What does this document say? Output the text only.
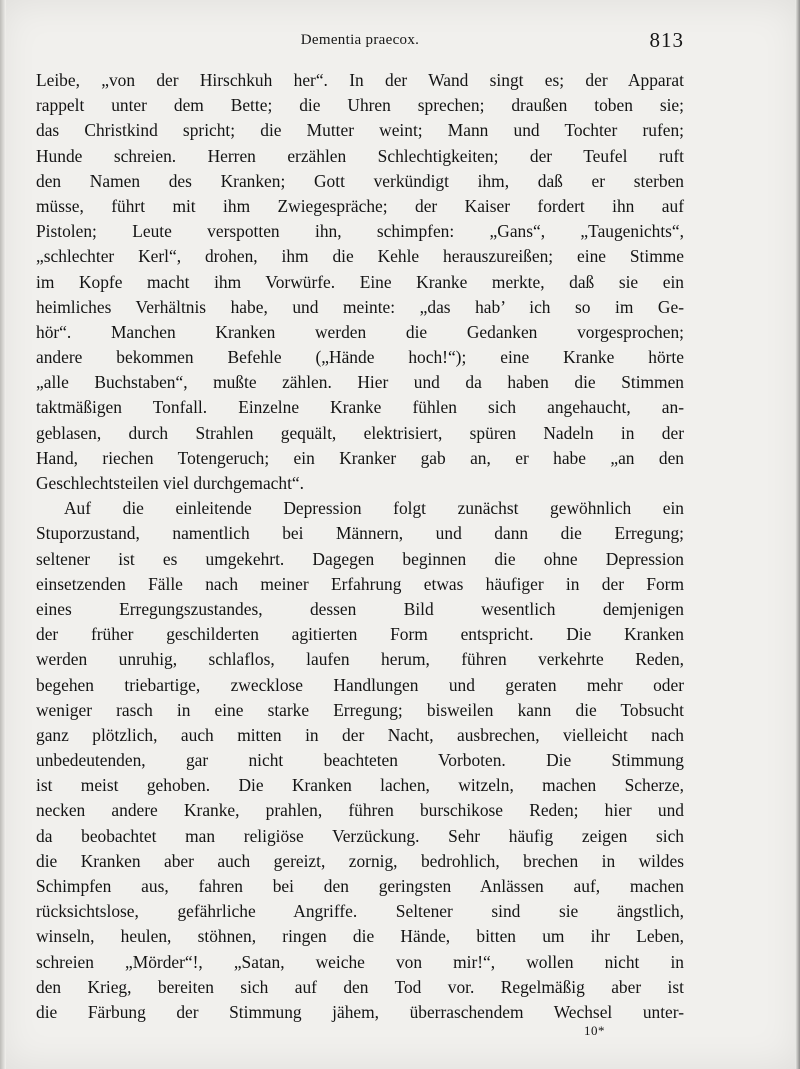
Dementia praecox.	813
Leibe, „von der Hirschkuh her“. In der Wand singt es; der Apparat
rappelt unter dem Bette; die Uhren sprechen; draußen toben sie;
das Christkind spricht; die Mutter weint; Mann und Tochter rufen;
Hunde schreien. Herren erzählen Schlechtigkeiten; der Teufel ruft
den Namen des Kranken; Gott verkündigt ihm, daß er sterben
müsse, führt mit ihm Zwiegespräche; der Kaiser fordert ihn auf
Pistolen; Leute verspotten ihn, schimpfen: „Gans“, „Taugenichts“,
„schlechter Kerl“, drohen, ihm die Kehle herauszureißen; eine Stimme
im Kopfe macht ihm Vorwürfe. Eine Kranke merkte, daß sie ein
heimliches Verhältnis habe, und meinte: „das hab’ ich so im Ge-
hör“. Manchen Kranken werden die Gedanken vorgesprochen;
andere bekommen Befehle („Hände hoch!“); eine Kranke hörte
„alle Buchstaben“, mußte zählen. Hier und da haben die Stimmen
taktmäßigen Tonfall. Einzelne Kranke fühlen sich angehaucht, an-
geblasen, durch Strahlen gequält, elektrisiert, spüren Nadeln in der
Hand, riechen Totengeruch; ein Kranker gab an, er habe „an den
Geschlechtsteilen viel durchgemacht“.
Auf die einleitende Depression folgt zunächst gewöhnlich ein
Stuporzustand, namentlich bei Männern, und dann die Erregung;
seltener ist es umgekehrt. Dagegen beginnen die ohne Depression
einsetzenden Fälle nach meiner Erfahrung etwas häufiger in der Form
eines Erregungszustandes, dessen Bild wesentlich demjenigen
der früher geschilderten agitierten Form entspricht. Die Kranken
werden unruhig, schlaflos, laufen herum, führen verkehrte Reden,
begehen triebartige, zwecklose Handlungen und geraten mehr oder
weniger rasch in eine starke Erregung; bisweilen kann die Tobsucht
ganz plötzlich, auch mitten in der Nacht, ausbrechen, vielleicht nach
unbedeutenden, gar nicht beachteten Vorboten. Die Stimmung
ist meist gehoben. Die Kranken lachen, witzeln, machen Scherze,
necken andere Kranke, prahlen, führen burschikose Reden; hier und
da beobachtet man religiöse Verzückung. Sehr häufig zeigen sich
die Kranken aber auch gereizt, zornig, bedrohlich, brechen in wildes
Schimpfen aus, fahren bei den geringsten Anlässen auf, machen
rücksichtslose, gefährliche Angriffe. Seltener sind sie ängstlich,
winseln, heulen, stöhnen, ringen die Hände, bitten um ihr Leben,
schreien „Mörder“!, „Satan, weiche von mir!“, wollen nicht in
den Krieg, bereiten sich auf den Tod vor. Regelmäßig aber ist
die Färbung der Stimmung jähem, überraschendem Wechsel unter-
10*
